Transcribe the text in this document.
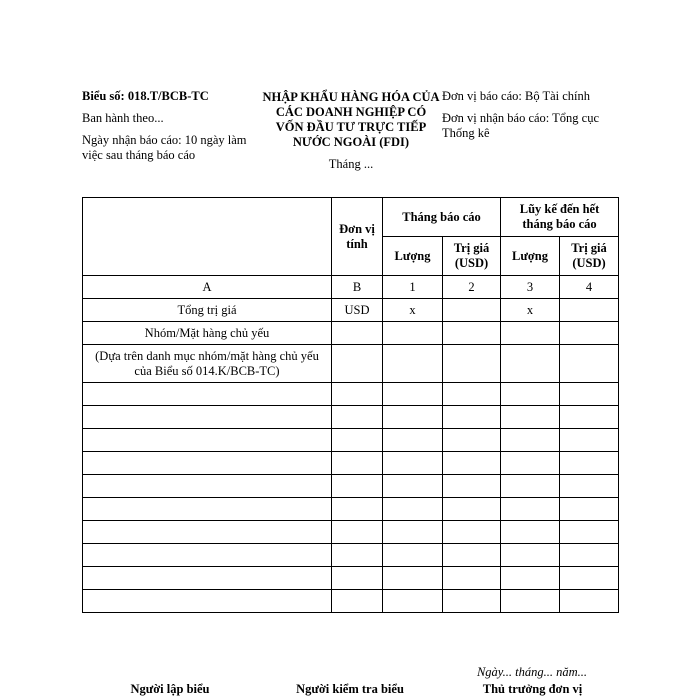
Biểu số: 018.T/BCB-TC
Ban hành theo...
Ngày nhận báo cáo: 10 ngày làm việc sau tháng báo cáo
NHẬP KHẨU HÀNG HÓA CỦA CÁC DOANH NGHIỆP CÓ VỐN ĐẦU TƯ TRỰC TIẾP NƯỚC NGOÀI (FDI)
Tháng ...
Đơn vị báo cáo: Bộ Tài chính
Đơn vị nhận báo cáo: Tổng cục Thống kê
	Đơn vị tính	Tháng báo cáo		Lũy kế đến hết tháng báo cáo	
		Lượng	Trị giá (USD)	Lượng	Trị giá (USD)
A	B	1	2	3	4
Tổng trị giá	USD	x		x	
Nhóm/Mặt hàng chủ yếu					
(Dựa trên danh mục nhóm/mặt hàng chủ yếu của Biểu số 014.K/BCB-TC)					

Ngày... tháng... năm...
Người lập biểu	Người kiểm tra biểu	Thủ trưởng đơn vị
